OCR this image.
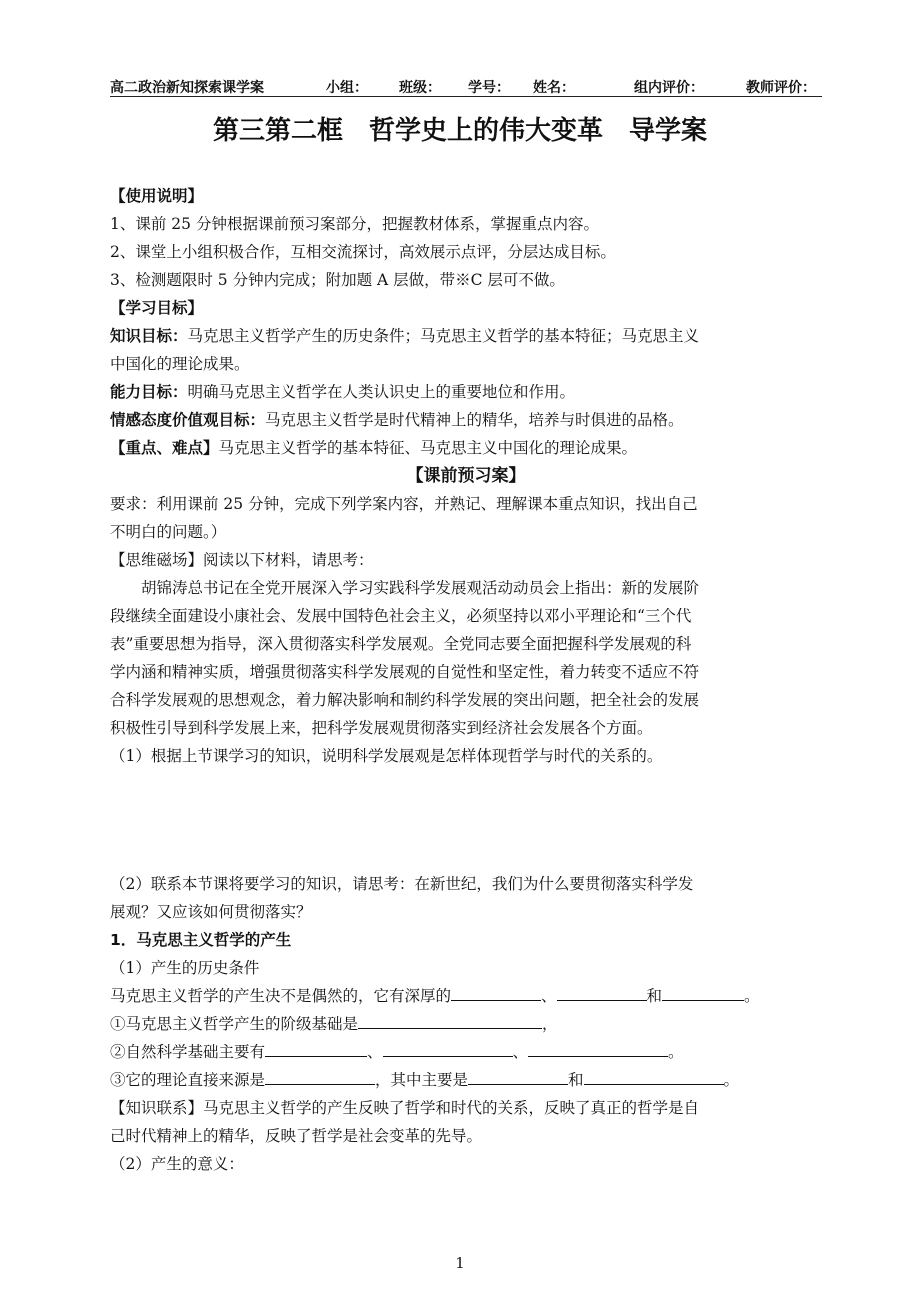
高二政治新知探索课学案	小组： 班级： 学号： 姓名：	组内评价：	教师评价：
第三第二框　哲学史上的伟大变革　导学案
【使用说明】
1、课前 25 分钟根据课前预习案部分，把握教材体系，掌握重点内容。
2、课堂上小组积极合作，互相交流探讨，高效展示点评，分层达成目标。
3、检测题限时 5 分钟内完成；附加题 A 层做，带※C 层可不做。
【学习目标】
知识目标：马克思主义哲学产生的历史条件；马克思主义哲学的基本特征；马克思主义
中国化的理论成果。
能力目标：明确马克思主义哲学在人类认识史上的重要地位和作用。
情感态度价值观目标：马克思主义哲学是时代精神上的精华，培养与时俱进的品格。
【重点、难点】马克思主义哲学的基本特征、马克思主义中国化的理论成果。
【课前预习案】
要求：利用课前 25 分钟，完成下列学案内容，并熟记、理解课本重点知识，找出自己
不明白的问题。）
【思维磁场】阅读以下材料，请思考：
　　胡锦涛总书记在全党开展深入学习实践科学发展观活动动员会上指出：新的发展阶
段继续全面建设小康社会、发展中国特色社会主义，必须坚持以邓小平理论和“三个代
表”重要思想为指导，深入贯彻落实科学发展观。全党同志要全面把握科学发展观的科
学内涵和精神实质，增强贯彻落实科学发展观的自觉性和坚定性，着力转变不适应不符
合科学发展观的思想观念，着力解决影响和制约科学发展的突出问题，把全社会的发展
积极性引导到科学发展上来，把科学发展观贯彻落实到经济社会发展各个方面。
（1）根据上节课学习的知识，说明科学发展观是怎样体现哲学与时代的关系的。
（2）联系本节课将要学习的知识，请思考：在新世纪，我们为什么要贯彻落实科学发
展观？又应该如何贯彻落实？
1．马克思主义哲学的产生
（1）产生的历史条件
马克思主义哲学的产生决不是偶然的，它有深厚的	、	和	。
①马克思主义哲学产生的阶级基础是	，
②自然科学基础主要有	、	、	。
③它的理论直接来源是	，其中主要是	和	。
【知识联系】马克思主义哲学的产生反映了哲学和时代的关系，反映了真正的哲学是自
己时代精神上的精华，反映了哲学是社会变革的先导。
（2）产生的意义：
1
